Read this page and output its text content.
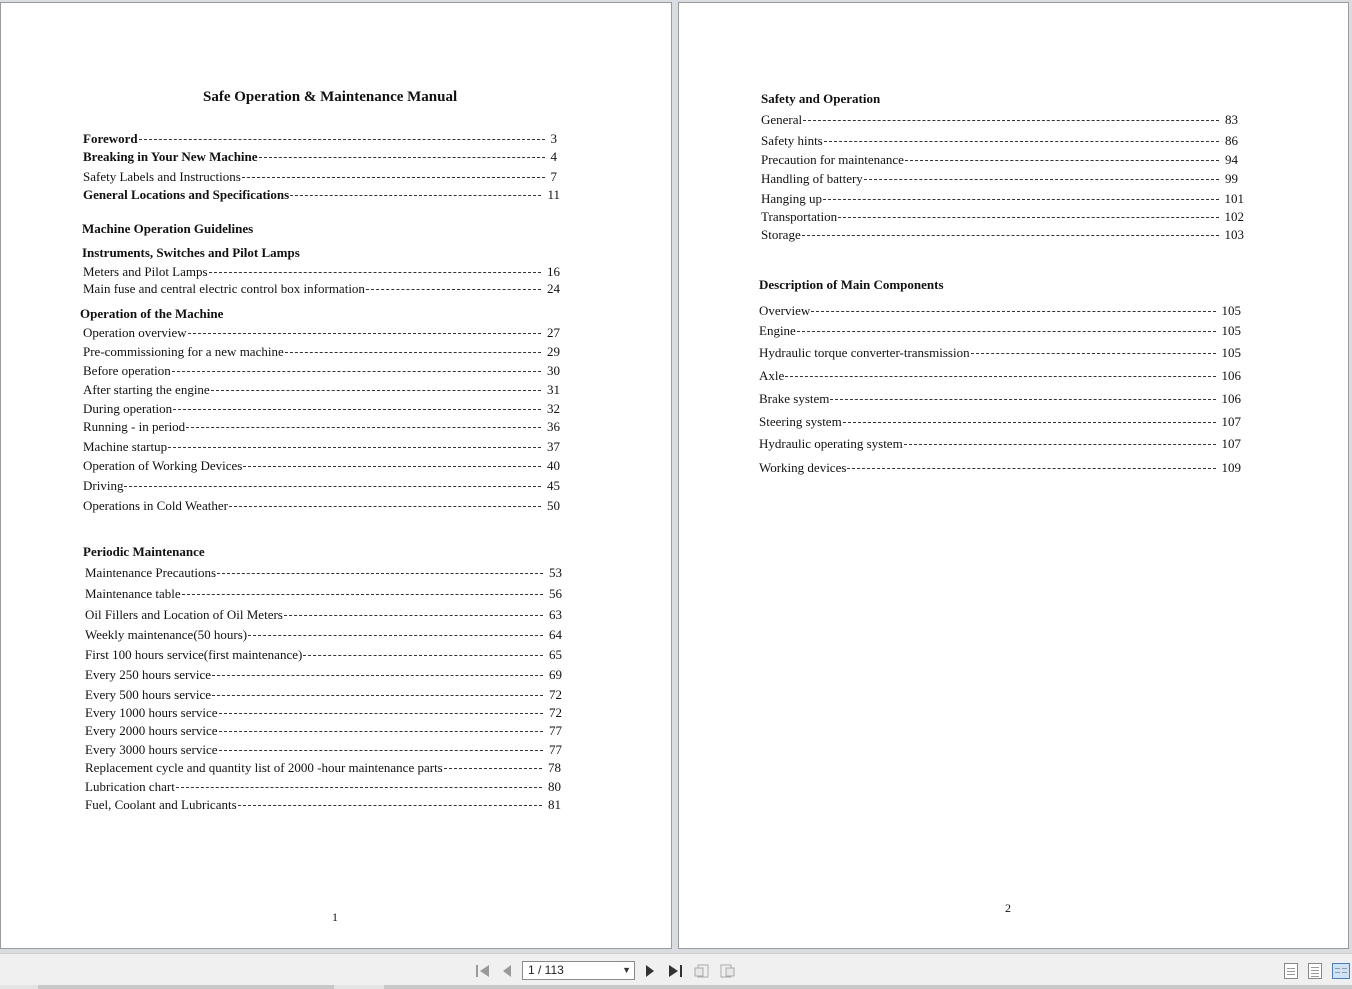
Safe Operation & Maintenance Manual
Machine Operation Guidelines
Instruments, Switches and Pilot Lamps
Operation of the Machine
Periodic Maintenance
1
Foreword	3
Breaking in Your New Machine	4
Safety Labels and Instructions	7
General Locations and Specifications	11
Meters and Pilot Lamps	16
Main fuse and central electric control box information	24
Operation overview	27
Pre-commissioning for a new machine	29
Before operation	30
After starting the engine	31
During operation	32
Running - in period	36
Machine startup	37
Operation of Working Devices	40
Driving	45
Operations in Cold Weather	50
Maintenance Precautions	53
Maintenance table	56
Oil Fillers and Location of Oil Meters	63
Weekly maintenance(50 hours)	64
First 100 hours service(first maintenance)	65
Every 250 hours service	69
Every 500 hours service	72
Every 1000 hours service	72
Every 2000 hours service	77
Every 3000 hours service	77
Replacement cycle and quantity list of 2000 -hour maintenance parts	78
Lubrication chart	80
Fuel, Coolant and Lubricants	81
Safety and Operation
Description of Main Components
2
General	83
Safety hints	86
Precaution for maintenance	94
Handling of battery	99
Hanging up	101
Transportation	102
Storage	103
Overview	105
Engine	105
Hydraulic torque converter-transmission	105
Axle	106
Brake system	106
Steering system	107
Hydraulic operating system	107
Working devices	109
1 / 113	▼
